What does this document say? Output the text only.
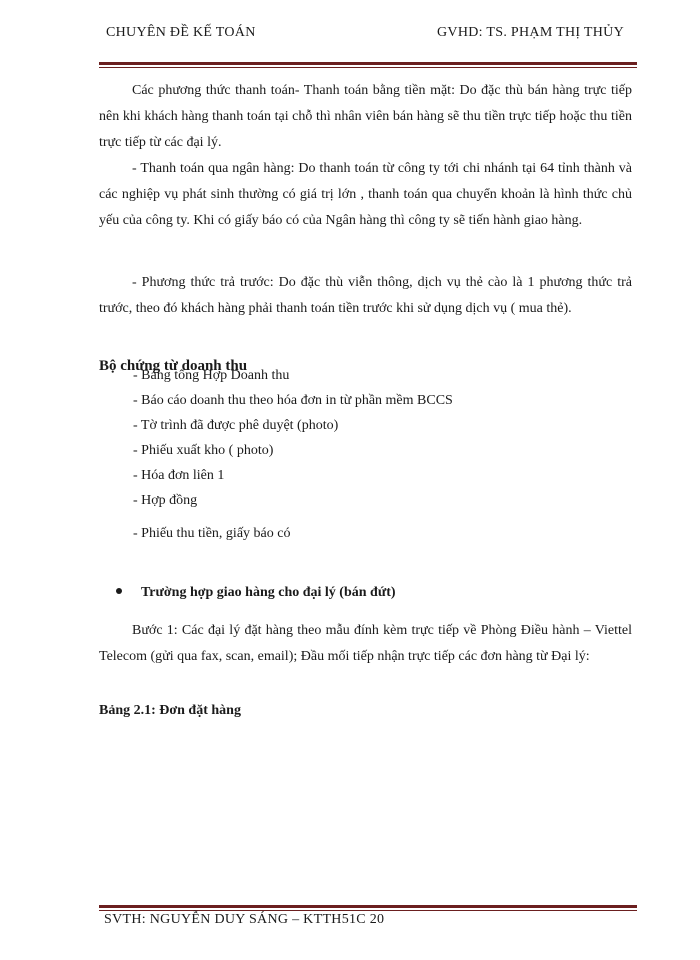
CHUYÊN ĐỀ KẾ TOÁN	GVHD: TS. PHẠM THỊ THỦY
Các phương thức thanh toán- Thanh toán bằng tiền mặt: Do đặc thù bán hàng trực tiếp nên khi khách hàng thanh toán tại chỗ thì nhân viên bán hàng sẽ thu tiền trực tiếp hoặc thu tiền trực tiếp từ các đại lý.
- Thanh toán qua ngân hàng: Do thanh toán từ công ty tới chi nhánh tại 64 tỉnh thành và các nghiệp vụ phát sinh thường có giá trị lớn , thanh toán qua chuyển khoản là hình thức chủ yếu của công ty. Khi có giấy báo có của Ngân hàng thì công ty sẽ tiến hành giao hàng.
- Phương thức trả trước: Do đặc thù viễn thông, dịch vụ thẻ cào là 1 phương thức trả trước, theo đó khách hàng phải thanh toán tiền trước khi sử dụng dịch vụ ( mua thẻ).
Bộ chứng từ doanh thu
- Bảng tổng Hợp Doanh thu
- Báo cáo doanh thu theo hóa đơn in từ phần mềm BCCS
- Tờ trình đã được phê duyệt (photo)
- Phiếu xuất kho ( photo)
- Hóa đơn liên 1
- Hợp đồng
- Phiếu thu tiền, giấy báo có
Trường hợp giao hàng cho đại lý (bán đứt)
Bước 1: Các đại lý đặt hàng theo mẫu đính kèm trực tiếp về Phòng Điều hành – Viettel Telecom (gửi qua fax, scan, email); Đầu mối tiếp nhận trực tiếp các đơn hàng từ Đại lý:
Bảng 2.1: Đơn đặt hàng
SVTH: NGUYỄN DUY SÁNG – KTTH51C 20
